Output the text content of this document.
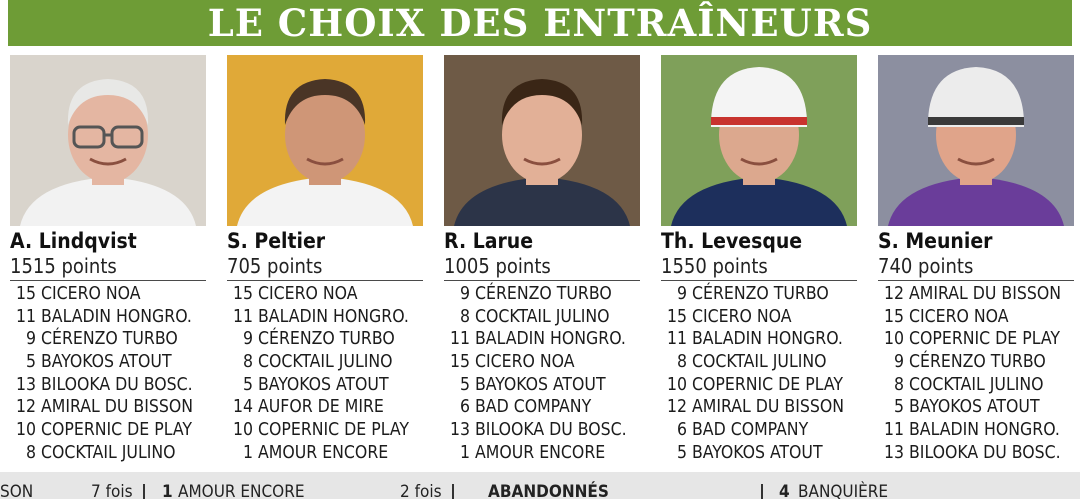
LE CHOIX DES ENTRAÎNEURS
A. Lindqvist
1515 points
15 CICERO NOA
11 BALADIN HONGRO.
9 CÉRENZO TURBO
5 BAYOKOS ATOUT
13 BILOOKA DU BOSC.
12 AMIRAL DU BISSON
10 COPERNIC DE PLAY
8 COCKTAIL JULINO
S. Peltier
705 points
15 CICERO NOA
11 BALADIN HONGRO.
9 CÉRENZO TURBO
8 COCKTAIL JULINO
5 BAYOKOS ATOUT
14 AUFOR DE MIRE
10 COPERNIC DE PLAY
1 AMOUR ENCORE
R. Larue
1005 points
9 CÉRENZO TURBO
8 COCKTAIL JULINO
11 BALADIN HONGRO.
15 CICERO NOA
5 BAYOKOS ATOUT
6 BAD COMPANY
13 BILOOKA DU BOSC.
1 AMOUR ENCORE
Th. Levesque
1550 points
9 CÉRENZO TURBO
15 CICERO NOA
11 BALADIN HONGRO.
8 COCKTAIL JULINO
10 COPERNIC DE PLAY
12 AMIRAL DU BISSON
6 BAD COMPANY
5 BAYOKOS ATOUT
S. Meunier
740 points
12 AMIRAL DU BISSON
15 CICERO NOA
10 COPERNIC DE PLAY
9 CÉRENZO TURBO
8 COCKTAIL JULINO
5 BAYOKOS ATOUT
11 BALADIN HONGRO.
13 BILOOKA DU BOSC.
SON	7 fois 1 AMOUR ENCORE	2 fois	ABANDONNÉS	4 BANQUIÈRE
